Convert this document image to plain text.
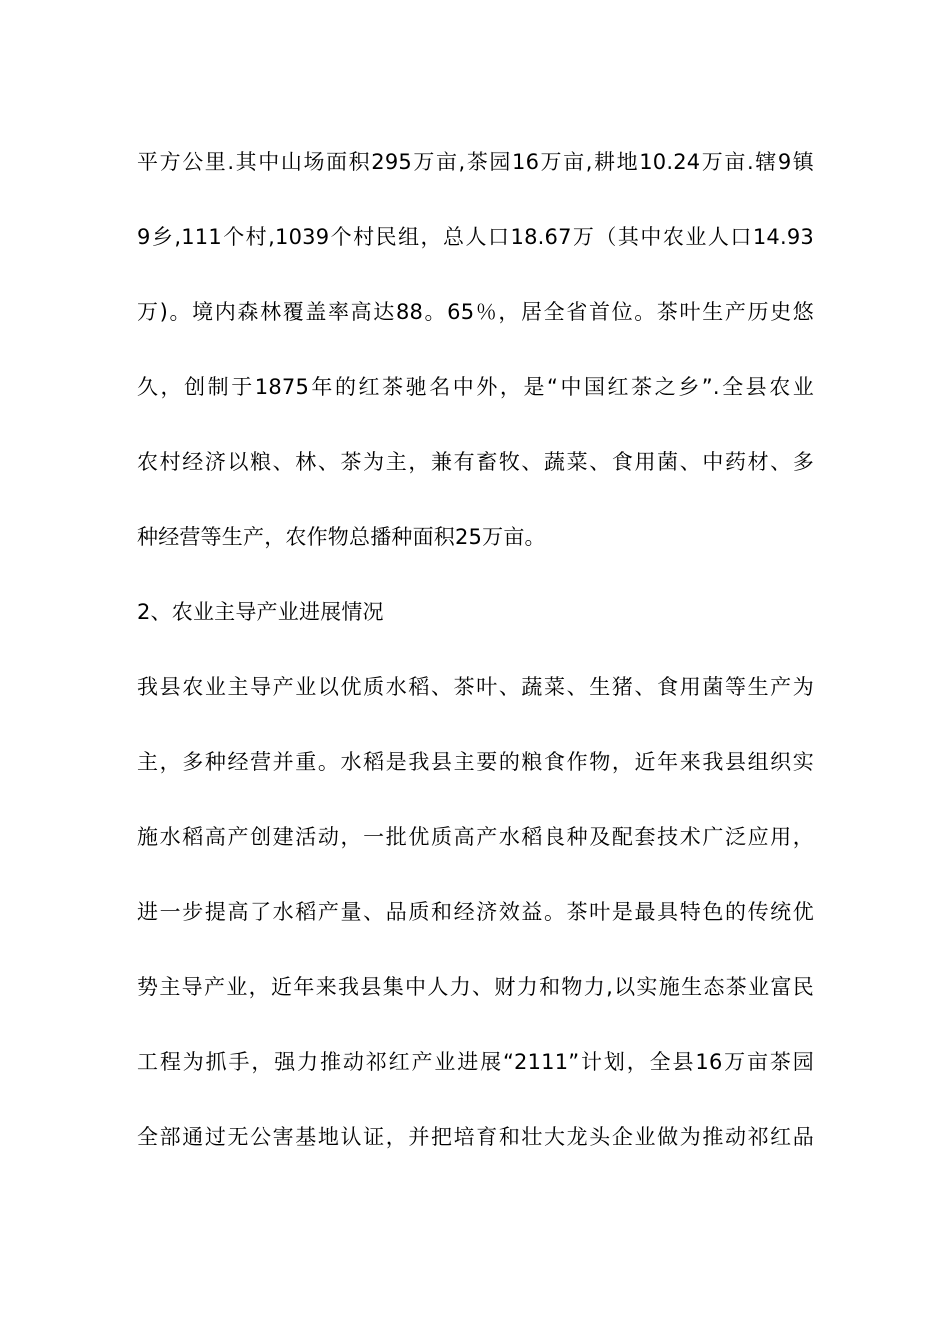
平方公里.其中山场面积295万亩,茶园16万亩,耕地10.24万亩.辖9镇
9乡,111个村,1039个村民组，总人口18.67万（其中农业人口14.93
万)。境内森林覆盖率高达88。65％，居全省首位。茶叶生产历史悠
久，创制于1875年的红茶驰名中外，是“中国红茶之乡”.全县农业
农村经济以粮、林、茶为主，兼有畜牧、蔬菜、食用菌、中药材、多
种经营等生产，农作物总播种面积25万亩。
2、农业主导产业进展情况
我县农业主导产业以优质水稻、茶叶、蔬菜、生猪、食用菌等生产为
主，多种经营并重。水稻是我县主要的粮食作物，近年来我县组织实
施水稻高产创建活动，一批优质高产水稻良种及配套技术广泛应用，
进一步提高了水稻产量、品质和经济效益。茶叶是最具特色的传统优
势主导产业，近年来我县集中人力、财力和物力,以实施生态茶业富民
工程为抓手，强力推动祁红产业进展“2111”计划，全县16万亩茶园
全部通过无公害基地认证，并把培育和壮大龙头企业做为推动祁红品
